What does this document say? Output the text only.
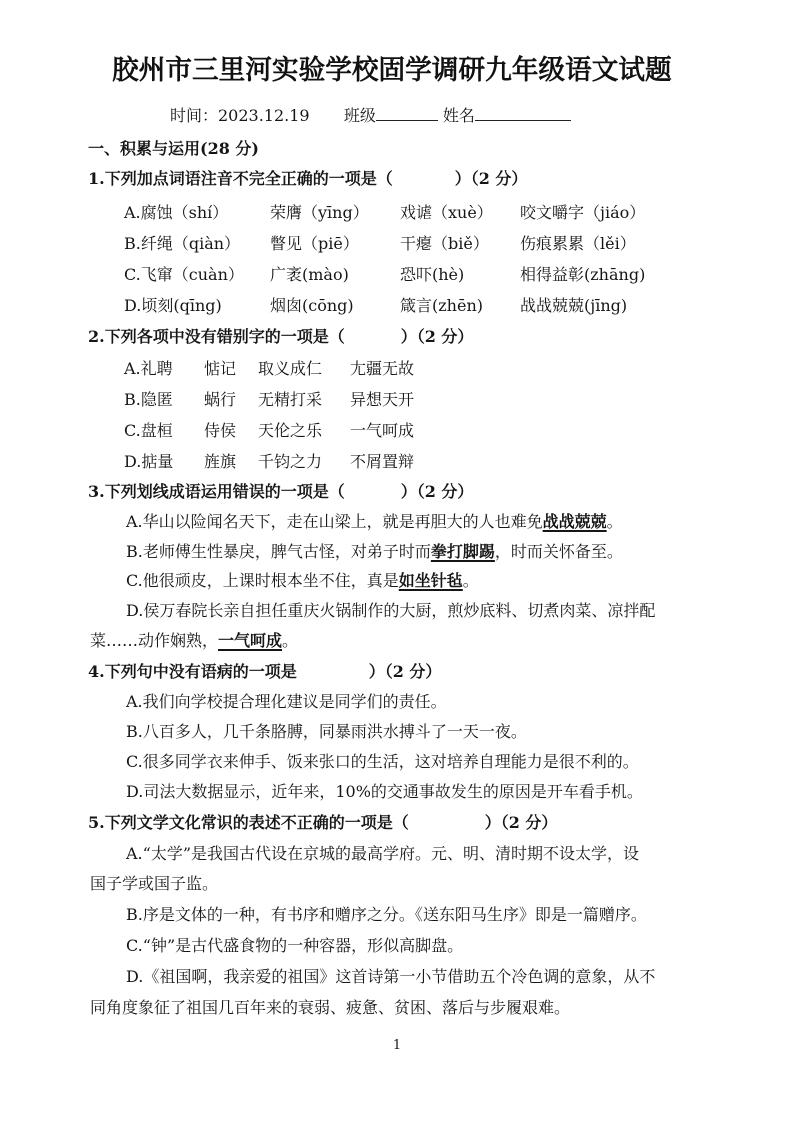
胶州市三里河实验学校固学调研九年级语文试题
时间：2023.12.19 班级	姓名
一、积累与运用(28 分)
1.下列加点词语注音不完全正确的一项是（	）（2 分）
A.腐蚀（shí）	荣膺（yīng） 戏谑（xuè） 咬文嚼字（jiáo）
B.纤绳（qiàn） 瞥见（piē）	干瘪（biě） 伤痕累累（lěi）
C.飞窜（cuàn） 广袤(mào)	恐吓(hè)	相得益彰(zhāng)
D.顷刻(qīng)	烟囱(cōng)	箴言(zhēn) 战战兢兢(jīng)
2.下列各项中没有错别字的一项是（	）（2 分）
A.礼聘 惦记 取义成仁 尢疆无故
B.隐匿 蜗行 无精打采 异想天开
C.盘桓 侍侯 天伦之乐 一气呵成
D.掂量 旌旗 千钧之力 不屑置辩
3.下列划线成语运用错误的一项是（	）（2 分）
A.华山以险闻名天下，走在山梁上，就是再胆大的人也难免战战兢兢。
B.老师傅生性暴戾，脾气古怪，对弟子时而拳打脚踢，时而关怀备至。
C.他很顽皮，上课时根本坐不住，真是如坐针毡。
D.侯万春院长亲自担任重庆火锅制作的大厨，煎炒底料、切煮肉菜、凉拌配
菜……动作娴熟，一气呵成。
4.下列句中没有语病的一项是	）（2 分）
A.我们向学校提合理化建议是同学们的责任。
B.八百多人，几千条胳膊，同暴雨洪水搏斗了一天一夜。
C.很多同学衣来伸手、饭来张口的生活，这对培养自理能力是很不利的。
D.司法大数据显示，近年来，10%的交通事故发生的原因是开车看手机。
5.下列文学文化常识的表述不正确的一项是（	）（2 分）
A.“太学”是我国古代设在京城的最高学府。元、明、清时期不设太学，设
国子学或国子监。
B.序是文体的一种，有书序和赠序之分。《送东阳马生序》即是一篇赠序。
C.“钟”是古代盛食物的一种容器，形似高脚盘。
D.《祖国啊，我亲爱的祖国》这首诗第一小节借助五个冷色调的意象，从不
同角度象征了祖国几百年来的衰弱、疲惫、贫困、落后与步履艰难。
1
